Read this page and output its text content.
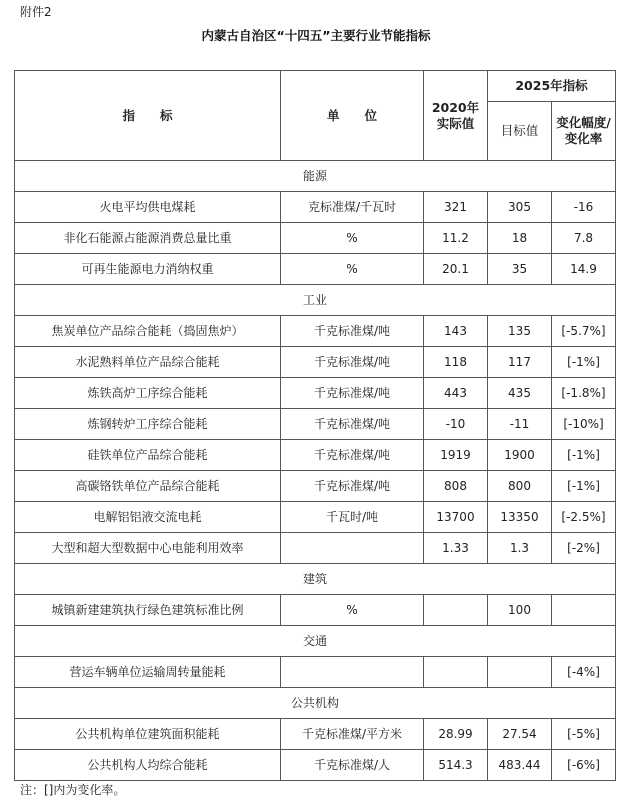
附件2
内蒙古自治区“十四五”主要行业节能指标
指　　标	单　　位	2020年实际值	2025年指标	
			目标值	变化幅度/变化率
能源				
火电平均供电煤耗	克标准煤/千瓦时	321	305	-16
非化石能源占能源消费总量比重	%	11.2	18	7.8
可再生能源电力消纳权重	%	20.1	35	14.9
工业				
焦炭单位产品综合能耗（捣固焦炉）	千克标准煤/吨	143	135	[-5.7%]
水泥熟料单位产品综合能耗	千克标准煤/吨	118	117	[-1%]
炼铁高炉工序综合能耗	千克标准煤/吨	443	435	[-1.8%]
炼钢转炉工序综合能耗	千克标准煤/吨	-10	-11	[-10%]
硅铁单位产品综合能耗	千克标准煤/吨	1919	1900	[-1%]
高碳铬铁单位产品综合能耗	千克标准煤/吨	808	800	[-1%]
电解铝铝液交流电耗	千瓦时/吨	13700	13350	[-2.5%]
大型和超大型数据中心电能利用效率		1.33	1.3	[-2%]
建筑				
城镇新建建筑执行绿色建筑标准比例	%		100	
交通				
营运车辆单位运输周转量能耗				[-4%]
公共机构				
公共机构单位建筑面积能耗	千克标准煤/平方米	28.99	27.54	[-5%]
公共机构人均综合能耗	千克标准煤/人	514.3	483.44	[-6%]
注：[]内为变化率。
